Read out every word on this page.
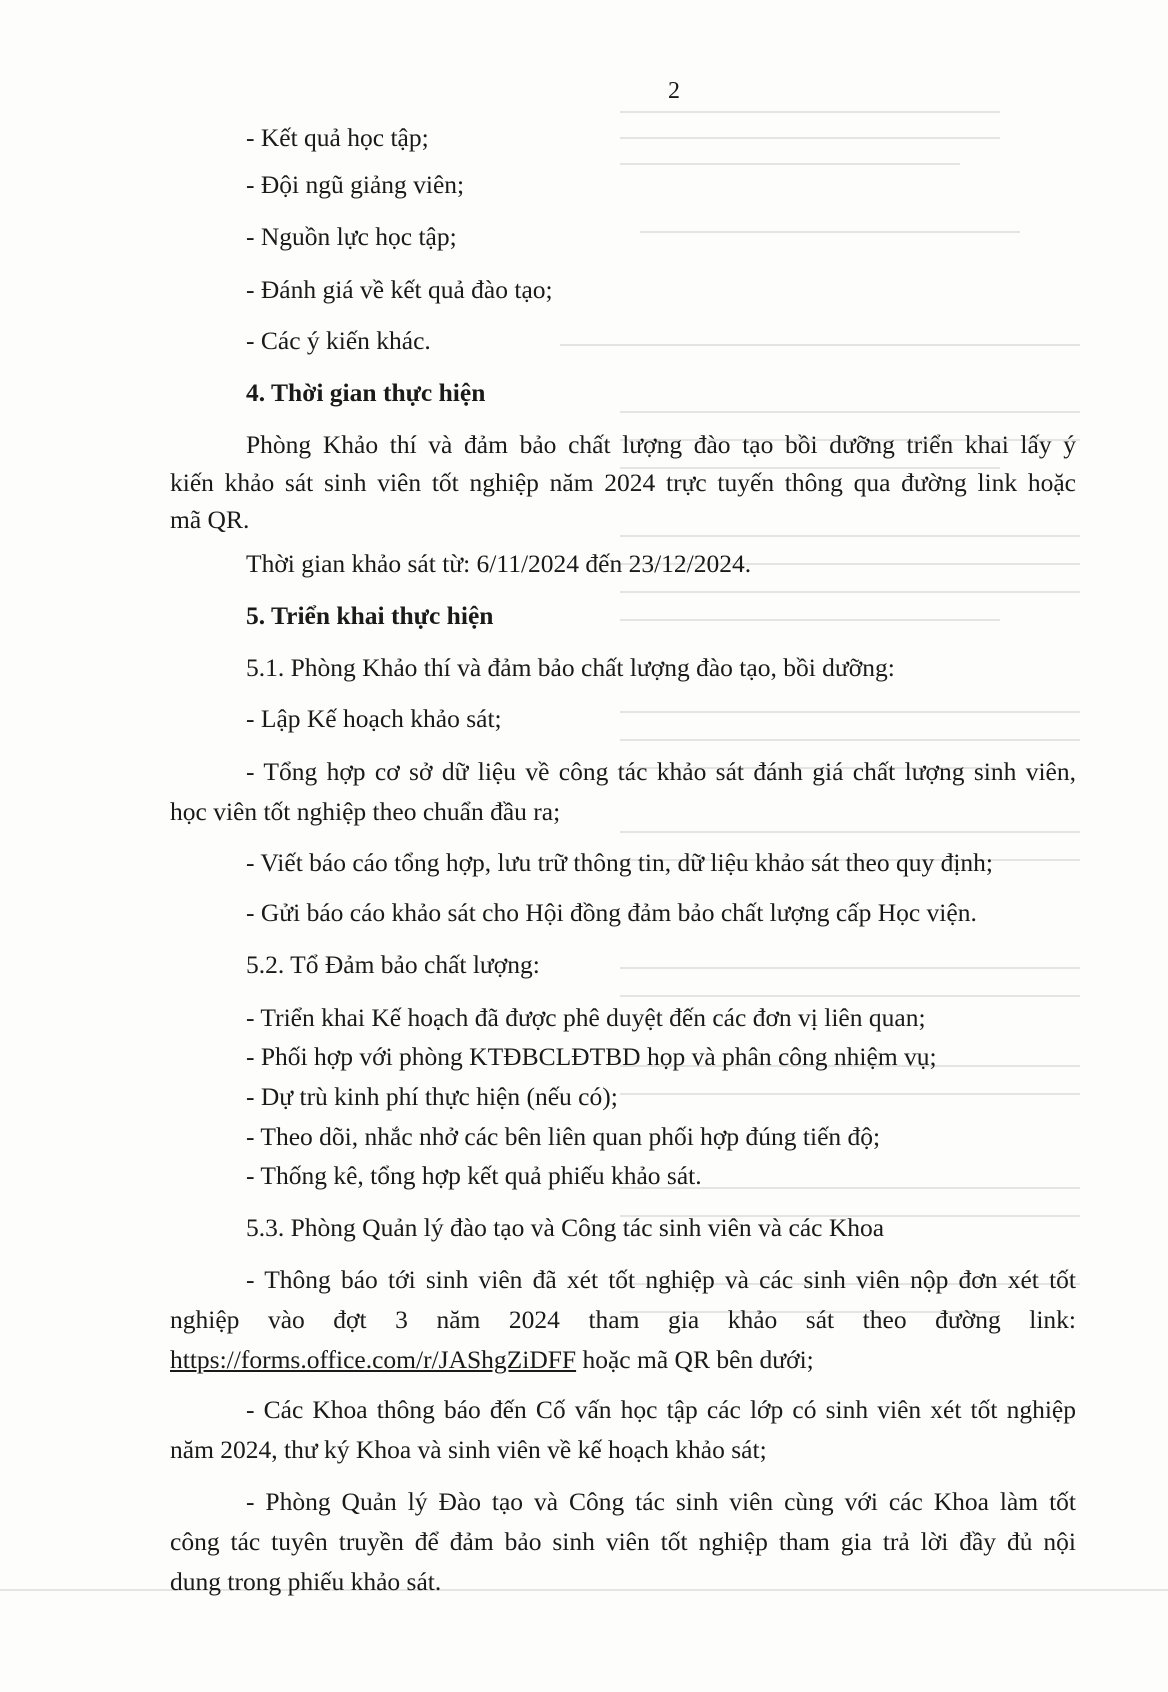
2
- Kết quả học tập;
- Đội ngũ giảng viên;
- Nguồn lực học tập;
- Đánh giá về kết quả đào tạo;
- Các ý kiến khác.
4. Thời gian thực hiện
Phòng Khảo thí và đảm bảo chất lượng đào tạo bồi dưỡng triển khai lấy ý
kiến khảo sát sinh viên tốt nghiệp năm 2024 trực tuyến thông qua đường link hoặc
mã QR.
Thời gian khảo sát từ: 6/11/2024 đến 23/12/2024.
5. Triển khai thực hiện
5.1. Phòng Khảo thí và đảm bảo chất lượng đào tạo, bồi dưỡng:
- Lập Kế hoạch khảo sát;
- Tổng hợp cơ sở dữ liệu về công tác khảo sát đánh giá chất lượng sinh viên,
học viên tốt nghiệp theo chuẩn đầu ra;
- Viết báo cáo tổng hợp, lưu trữ thông tin, dữ liệu khảo sát theo quy định;
- Gửi báo cáo khảo sát cho Hội đồng đảm bảo chất lượng cấp Học viện.
5.2. Tổ Đảm bảo chất lượng:
- Triển khai Kế hoạch đã được phê duyệt đến các đơn vị liên quan;
- Phối hợp với phòng KTĐBCLĐTBD họp và phân công nhiệm vụ;
- Dự trù kinh phí thực hiện (nếu có);
- Theo dõi, nhắc nhở các bên liên quan phối hợp đúng tiến độ;
- Thống kê, tổng hợp kết quả phiếu khảo sát.
5.3. Phòng Quản lý đào tạo và Công tác sinh viên và các Khoa
- Thông báo tới sinh viên đã xét tốt nghiệp và các sinh viên nộp đơn xét tốt
nghiệp vào đợt 3 năm 2024 tham gia khảo sát theo đường link:
https://forms.office.com/r/JAShgZiDFF hoặc mã QR bên dưới;
- Các Khoa thông báo đến Cố vấn học tập các lớp có sinh viên xét tốt nghiệp
năm 2024, thư ký Khoa và sinh viên về kế hoạch khảo sát;
- Phòng Quản lý Đào tạo và Công tác sinh viên cùng với các Khoa làm tốt
công tác tuyên truyền để đảm bảo sinh viên tốt nghiệp tham gia trả lời đầy đủ nội
dung trong phiếu khảo sát.
